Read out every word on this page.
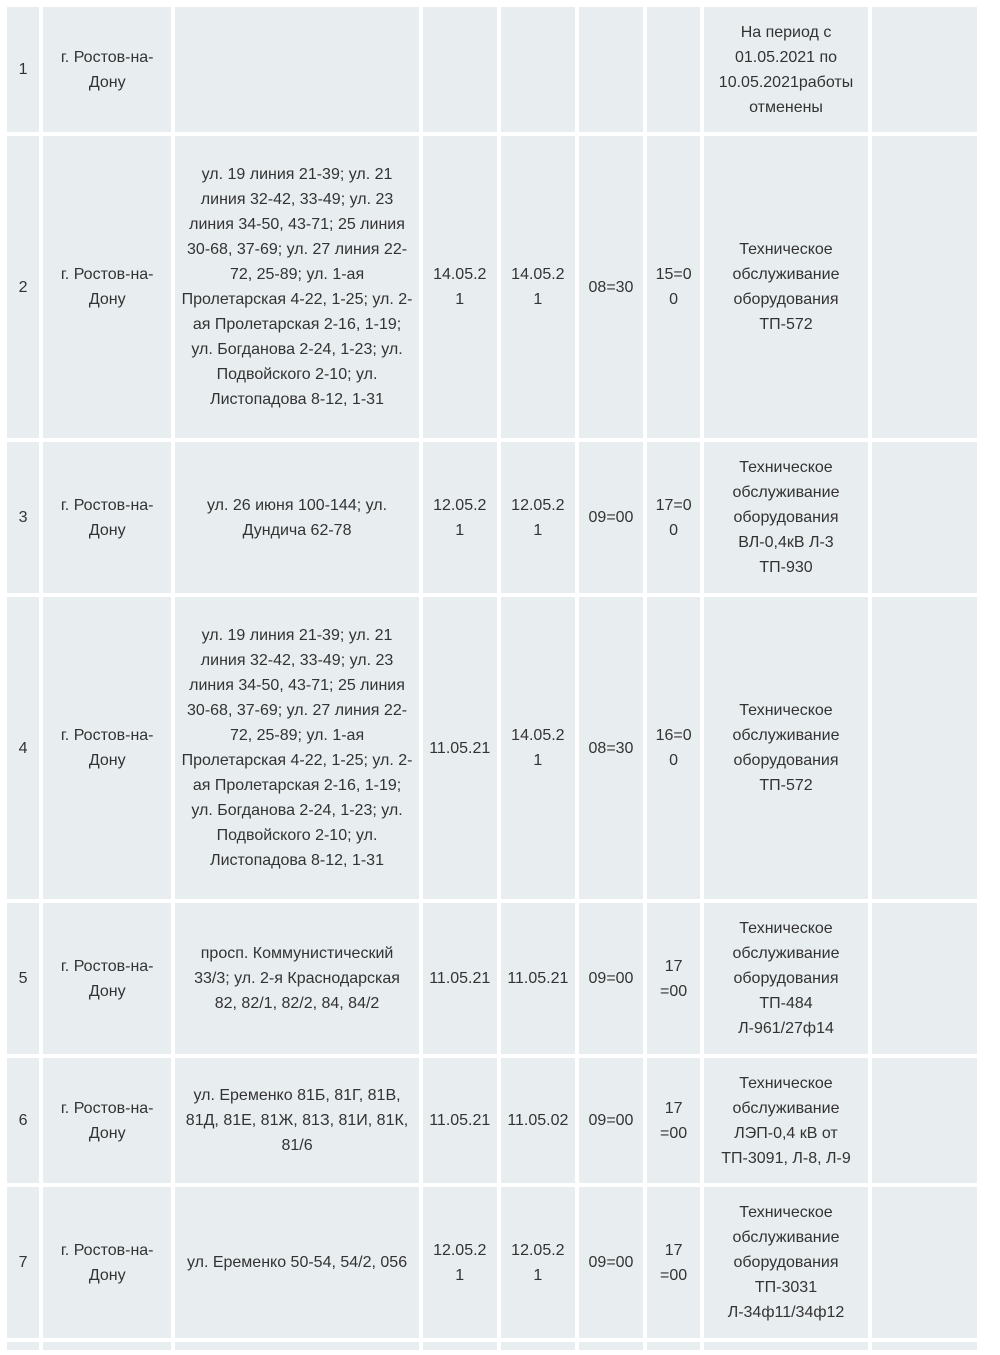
1	г. Ростов-на-Дону						На период с 01.05.2021 по 10.05.2021работы отменены	
2	г. Ростов-на-Дону	ул. 19 линия 21-39; ул. 21 линия 32-42, 33-49; ул. 23 линия 34-50, 43-71; 25 линия 30-68, 37-69; ул. 27 линия 22-72, 25-89; ул. 1-ая Пролетарская 4-22, 1-25; ул. 2-ая Пролетарская 2-16, 1-19; ул. Богданова 2-24, 1-23; ул. Подвойского 2-10; ул. Листопадова 8-12, 1-31	14.05.21	14.05.21	08=30	15=00	Техническое обслуживание оборудования ТП-572	
3	г. Ростов-на-Дону	ул. 26 июня 100-144; ул. Дундича 62-78	12.05.21	12.05.21	09=00	17=00	Техническое обслуживание оборудования ВЛ-0,4кВ Л-3 ТП-930	
4	г. Ростов-на-Дону	ул. 19 линия 21-39; ул. 21 линия 32-42, 33-49; ул. 23 линия 34-50, 43-71; 25 линия 30-68, 37-69; ул. 27 линия 22-72, 25-89; ул. 1-ая Пролетарская 4-22, 1-25; ул. 2-ая Пролетарская 2-16, 1-19; ул. Богданова 2-24, 1-23; ул. Подвойского 2-10; ул. Листопадова 8-12, 1-31	11.05.21	14.05.21	08=30	16=00	Техническое обслуживание оборудования ТП-572	
5	г. Ростов-на-Дону	просп. Коммунистический 33/3; ул. 2-я Краснодарская 82, 82/1, 82/2, 84, 84/2	11.05.21	11.05.21	09=00	17 =00	Техническое обслуживание оборудования ТП-484 Л-961/27ф14	
6	г. Ростов-на-Дону	ул. Еременко 81Б, 81Г, 81В, 81Д, 81Е, 81Ж, 81З, 81И, 81К, 81/6	11.05.21	11.05.02	09=00	17 =00	Техническое обслуживание ЛЭП-0,4 кВ от ТП-3091, Л-8, Л-9	
7	г. Ростов-на-Дону	ул. Еременко 50-54, 54/2, 056	12.05.21	12.05.21	09=00	17 =00	Техническое обслуживание оборудования ТП-3031 Л-34ф11/34ф12	
